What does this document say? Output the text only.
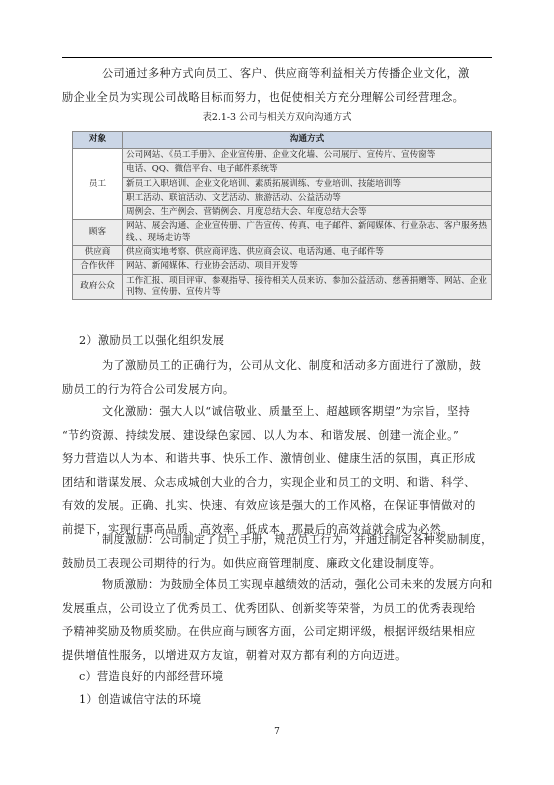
公司通过多种方式向员工、客户、供应商等利益相关方传播企业文化，激
励企业全员为实现公司战略目标而努力，也促使相关方充分理解公司经营理念。
表2.1-3 公司与相关方双向沟通方式
对象	沟通方式
员工	公司网站、《员工手册》、企业宣传册、企业文化墙、公司展厅、宣传片、宣传窗等
	电话、QQ、微信平台、电子邮件系统等
	新员工入职培训、企业文化培训、素质拓展训练、专业培训、技能培训等
	职工活动、联谊活动、文艺活动、旅游活动、公益活动等
	周例会、生产例会、营销例会、月度总结大会、年度总结大会等
顾客	网站、展会沟通、企业宣传册、广告宣传、传真、电子邮件、新闻媒体、行业杂志、客户服务热线、、现场走访等
供应商	供应商实地考察、供应商评选、供应商会议、电话沟通、电子邮件等
合作伙伴	网站、新闻媒体、行业协会活动、项目开发等
政府公众	工作汇报、项目评审、参观指导、接待相关人员来访、参加公益活动、慈善捐赠等、网站、企业刊物、宣传册、宣传片等
2）激励员工以强化组织发展
为了激励员工的正确行为，公司从文化、制度和活动多方面进行了激励，鼓
励员工的行为符合公司发展方向。
文化激励：强大人以“诚信敬业、质量至上、超越顾客期望”为宗旨，坚持
“节约资源、持续发展、建设绿色家园、以人为本、和谐发展、创建一流企业。”
努力营造以人为本、和谐共事、快乐工作、激情创业、健康生活的氛围，真正形成
团结和谐谋发展、众志成城创大业的合力，实现企业和员工的文明、和谐、科学、
有效的发展。正确、扎实、快速、有效应该是强大的工作风格，在保证事情做对的
前提下，实现行事高品质、高效率、低成本，那最后的高效益就会成为必然。
制度激励：公司制定了员工手册，规范员工行为，并通过制定各种奖励制度，
鼓励员工表现公司期待的行为。如供应商管理制度、廉政文化建设制度等。
物质激励：为鼓励全体员工实现卓越绩效的活动，强化公司未来的发展方向和
发展重点，公司设立了优秀员工、优秀团队、创新奖等荣誉，为员工的优秀表现给
予精神奖励及物质奖励。在供应商与顾客方面，公司定期评级，根据评级结果相应
提供增值性服务，以增进双方友谊，朝着对双方都有利的方向迈进。
c）营造良好的内部经营环境
1）创造诚信守法的环境
7
